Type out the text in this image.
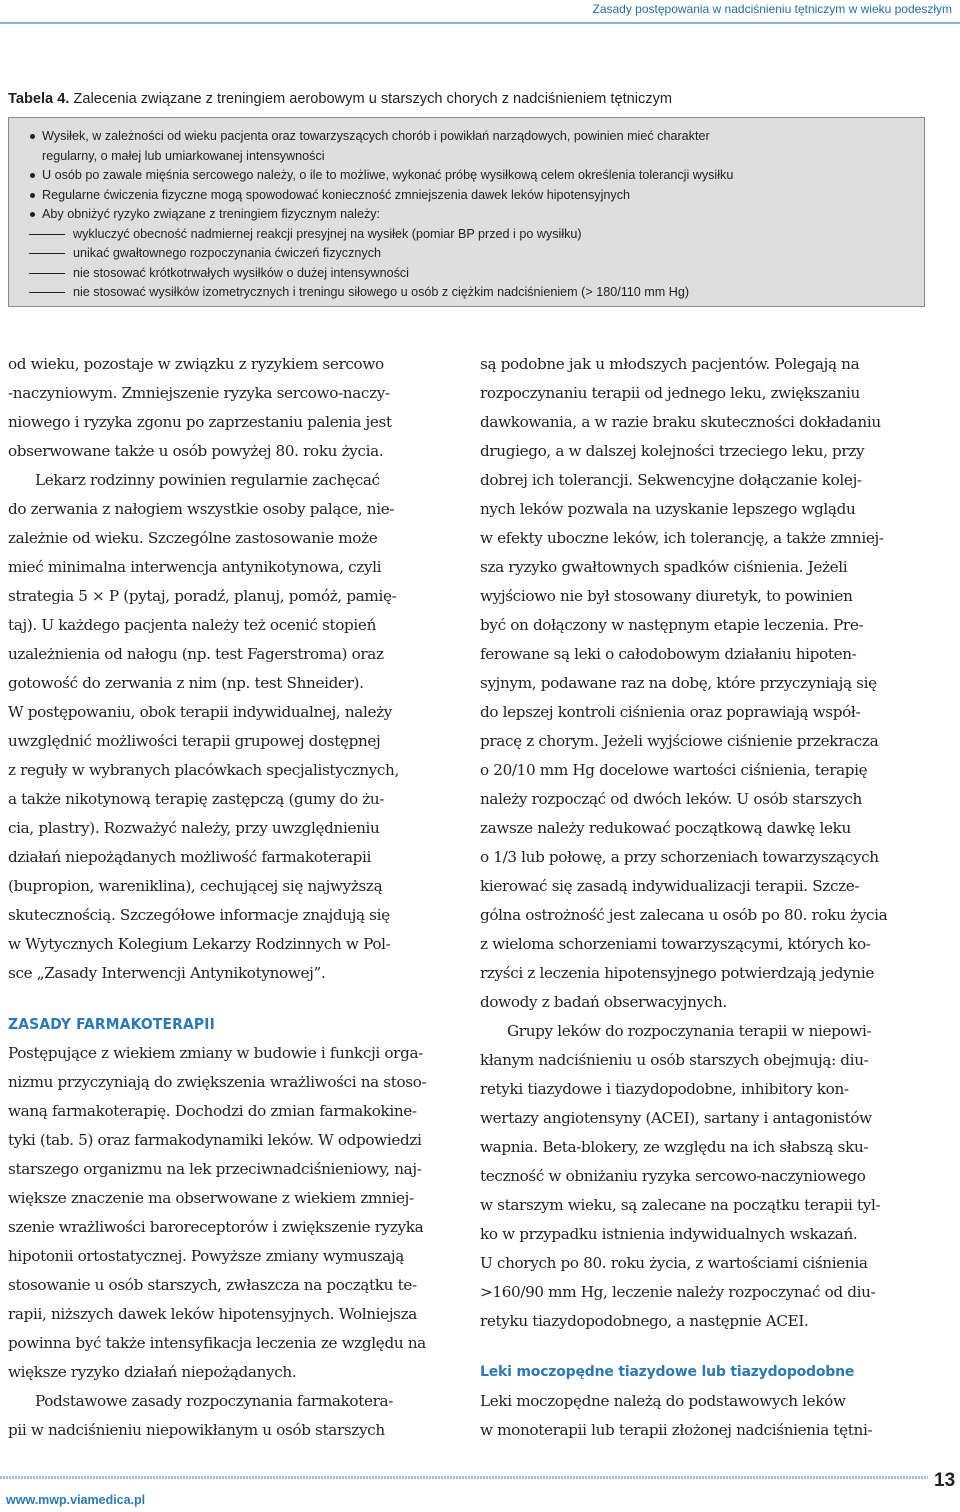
Zasady postępowania w nadciśnieniu tętniczym w wieku podeszłym
Tabela 4. Zalecenia związane z treningiem aerobowym u starszych chorych z nadciśnieniem tętniczym
Wysiłek, w zależności od wieku pacjenta oraz towarzyszących chorób i powikłań narządowych, powinien mieć charakter
regularny, o małej lub umiarkowanej intensywności
U osób po zawale mięśnia sercowego należy, o ile to możliwe, wykonać próbę wysiłkową celem określenia tolerancji wysiłku
Regularne ćwiczenia fizyczne mogą spowodować konieczność zmniejszenia dawek leków hipotensyjnych
Aby obniżyć ryzyko związane z treningiem fizycznym należy:
wykluczyć obecność nadmiernej reakcji presyjnej na wysiłek (pomiar BP przed i po wysiłku)
unikać gwałtownego rozpoczynania ćwiczeń fizycznych
nie stosować krótkotrwałych wysiłków o dużej intensywności
nie stosować wysiłków izometrycznych i treningu siłowego u osób z ciężkim nadciśnieniem (> 180/110 mm Hg)
od wieku, pozostaje w związku z ryzykiem sercowo
-naczyniowym. Zmniejszenie ryzyka sercowo-naczy-
niowego i ryzyka zgonu po zaprzestaniu palenia jest
obserwowane także u osób powyżej 80. roku życia.
Lekarz rodzinny powinien regularnie zachęcać
do zerwania z nałogiem wszystkie osoby palące, nie-
zależnie od wieku. Szczególne zastosowanie może
mieć minimalna interwencja antynikotynowa, czyli
strategia 5 × P (pytaj, poradź, planuj, pomóż, pamię-
taj). U każdego pacjenta należy też ocenić stopień
uzależnienia od nałogu (np. test Fagerstroma) oraz
gotowość do zerwania z nim (np. test Shneider).
W postępowaniu, obok terapii indywidualnej, należy
uwzględnić możliwości terapii grupowej dostępnej
z reguły w wybranych placówkach specjalistycznych,
a także nikotynową terapię zastępczą (gumy do żu-
cia, plastry). Rozważyć należy, przy uwzględnieniu
działań niepożądanych możliwość farmakoterapii
(bupropion, wareniklina), cechującej się najwyższą
skutecznością. Szczegółowe informacje znajdują się
w Wytycznych Kolegium Lekarzy Rodzinnych w Pol-
sce „Zasady Interwencji Antynikotynowej”.
ZASADY FARMAKOTERAPII
Postępujące z wiekiem zmiany w budowie i funkcji orga-
nizmu przyczyniają do zwiększenia wrażliwości na stoso-
waną farmakoterapię. Dochodzi do zmian farmakokine-
tyki (tab. 5) oraz farmakodynamiki leków. W odpowiedzi
starszego organizmu na lek przeciwnadciśnieniowy, naj-
większe znaczenie ma obserwowane z wiekiem zmniej-
szenie wrażliwości baroreceptorów i zwiększenie ryzyka
hipotonii ortostatycznej. Powyższe zmiany wymuszają
stosowanie u osób starszych, zwłaszcza na początku te-
rapii, niższych dawek leków hipotensyjnych. Wolniejsza
powinna być także intensyfikacja leczenia ze względu na
większe ryzyko działań niepożądanych.
Podstawowe zasady rozpoczynania farmakotera-
pii w nadciśnieniu niepowikłanym u osób starszych
są podobne jak u młodszych pacjentów. Polegają na
rozpoczynaniu terapii od jednego leku, zwiększaniu
dawkowania, a w razie braku skuteczności dokładaniu
drugiego, a w dalszej kolejności trzeciego leku, przy
dobrej ich tolerancji. Sekwencyjne dołączanie kolej-
nych leków pozwala na uzyskanie lepszego wglądu
w efekty uboczne leków, ich tolerancję, a także zmniej-
sza ryzyko gwałtownych spadków ciśnienia. Jeżeli
wyjściowo nie był stosowany diuretyk, to powinien
być on dołączony w następnym etapie leczenia. Pre-
ferowane są leki o całodobowym działaniu hipoten-
syjnym, podawane raz na dobę, które przyczyniają się
do lepszej kontroli ciśnienia oraz poprawiają współ-
pracę z chorym. Jeżeli wyjściowe ciśnienie przekracza
o 20/10 mm Hg docelowe wartości ciśnienia, terapię
należy rozpocząć od dwóch leków. U osób starszych
zawsze należy redukować początkową dawkę leku
o 1/3 lub połowę, a przy schorzeniach towarzyszących
kierować się zasadą indywidualizacji terapii. Szcze-
gólna ostrożność jest zalecana u osób po 80. roku życia
z wieloma schorzeniami towarzyszącymi, których ko-
rzyści z leczenia hipotensyjnego potwierdzają jedynie
dowody z badań obserwacyjnych.
Grupy leków do rozpoczynania terapii w niepowi-
kłanym nadciśnieniu u osób starszych obejmują: diu-
retyki tiazydowe i tiazydopodobne, inhibitory kon-
wertazy angiotensyny (ACEI), sartany i antagonistów
wapnia. Beta-blokery, ze względu na ich słabszą sku-
teczność w obniżaniu ryzyka sercowo-naczyniowego
w starszym wieku, są zalecane na początku terapii tyl-
ko w przypadku istnienia indywidualnych wskazań.
U chorych po 80. roku życia, z wartościami ciśnienia
>160/90 mm Hg, leczenie należy rozpoczynać od diu-
retyku tiazydopodobnego, a następnie ACEI.
Leki moczopędne tiazydowe lub tiazydopodobne
Leki moczopędne należą do podstawowych leków
w monoterapii lub terapii złożonej nadciśnienia tętni-
www.mwp.viamedica.pl
13
